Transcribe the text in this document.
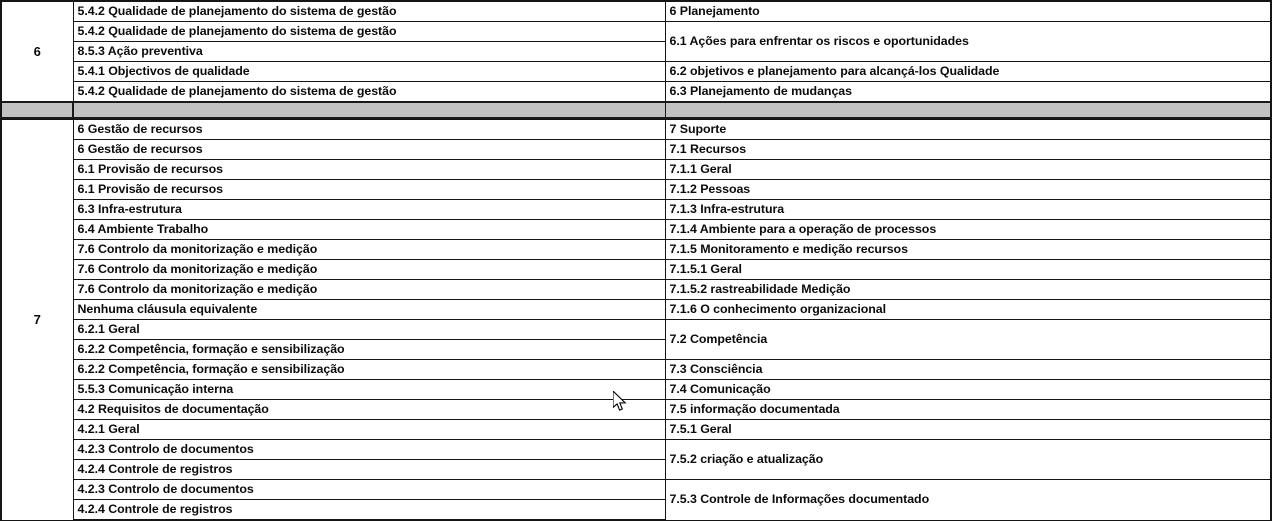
6	5.4.2 Qualidade de planejamento do sistema de gestão	6 Planejamento
	5.4.2 Qualidade de planejamento do sistema de gestão	6.1 Ações para enfrentar os riscos e oportunidades
	8.5.3 Ação preventiva	
	5.4.1 Objectivos de qualidade	6.2 objetivos e planejamento para alcançá-los Qualidade
	5.4.2 Qualidade de planejamento do sistema de gestão	6.3 Planejamento de mudanças

7	6 Gestão de recursos	7 Suporte
	6 Gestão de recursos	7.1 Recursos
	6.1 Provisão de recursos	7.1.1 Geral
	6.1 Provisão de recursos	7.1.2 Pessoas
	6.3 Infra-estrutura	7.1.3 Infra-estrutura
	6.4 Ambiente Trabalho	7.1.4 Ambiente para a operação de processos
	7.6 Controlo da monitorização e medição	7.1.5 Monitoramento e medição recursos
	7.6 Controlo da monitorização e medição	7.1.5.1 Geral
	7.6 Controlo da monitorização e medição	7.1.5.2 rastreabilidade Medição
	Nenhuma cláusula equivalente	7.1.6 O conhecimento organizacional
	6.2.1 Geral	7.2 Competência
	6.2.2 Competência, formação e sensibilização	
	6.2.2 Competência, formação e sensibilização	7.3 Consciência
	5.5.3 Comunicação interna	7.4 Comunicação
	4.2 Requisitos de documentação	7.5 informação documentada
	4.2.1 Geral	7.5.1 Geral
	4.2.3 Controlo de documentos	7.5.2 criação e atualização
	4.2.4 Controle de registros	
	4.2.3 Controlo de documentos	7.5.3 Controle de Informações documentado
	4.2.4 Controle de registros	
